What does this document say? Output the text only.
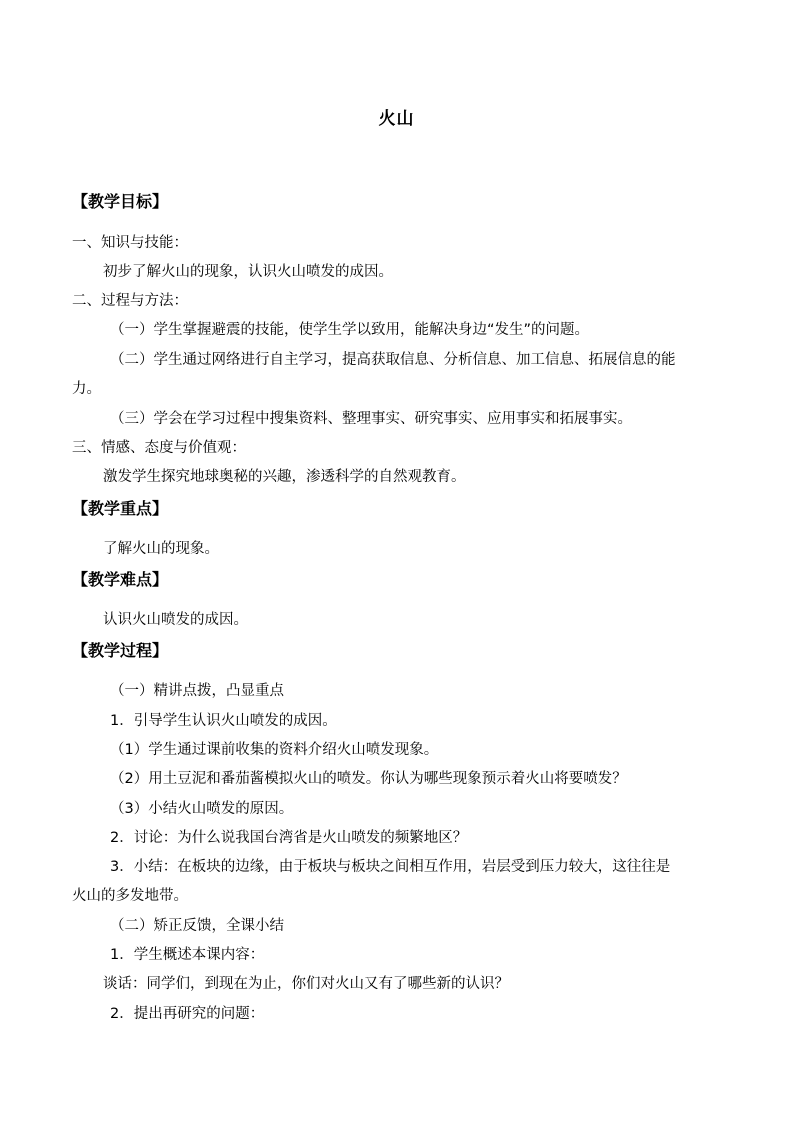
火山
【教学目标】
一、知识与技能：
初步了解火山的现象，认识火山喷发的成因。
二、过程与方法：
（一）学生掌握避震的技能，使学生学以致用，能解决身边“发生”的问题。
（二）学生通过网络进行自主学习，提高获取信息、分析信息、加工信息、拓展信息的能
力。
（三）学会在学习过程中搜集资料、整理事实、研究事实、应用事实和拓展事实。
三、情感、态度与价值观：
激发学生探究地球奥秘的兴趣，渗透科学的自然观教育。
【教学重点】
了解火山的现象。
【教学难点】
认识火山喷发的成因。
【教学过程】
（一）精讲点拨，凸显重点
1．引导学生认识火山喷发的成因。
（1）学生通过课前收集的资料介绍火山喷发现象。
（2）用土豆泥和番茄酱模拟火山的喷发。你认为哪些现象预示着火山将要喷发？
（3）小结火山喷发的原因。
2．讨论：为什么说我国台湾省是火山喷发的频繁地区？
3．小结：在板块的边缘，由于板块与板块之间相互作用，岩层受到压力较大，这往往是
火山的多发地带。
（二）矫正反馈，全课小结
1．学生概述本课内容：
谈话：同学们，到现在为止，你们对火山又有了哪些新的认识？
2．提出再研究的问题：
